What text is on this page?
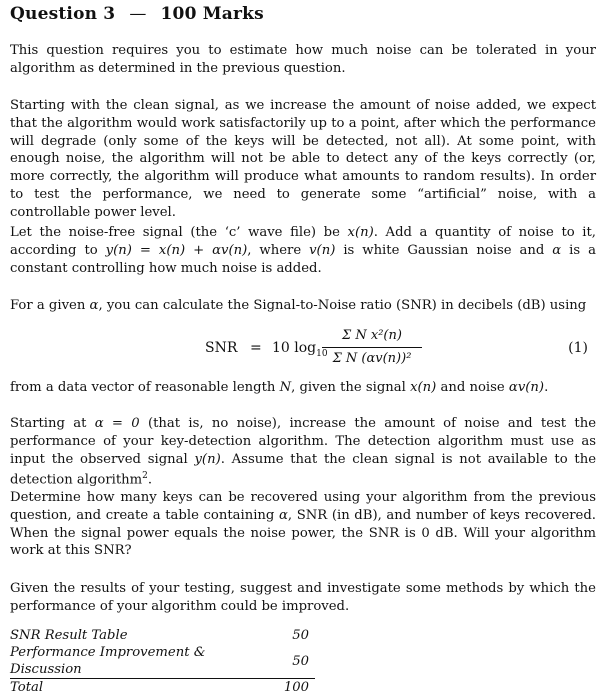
Question 3 — 100 Marks

This question requires you to estimate how much noise can be tolerated in your algorithm as determined in the previous question.

Starting with the clean signal, as we increase the amount of noise added, we expect that the algorithm would work satisfactorily up to a point, after which the performance will degrade (only some of the keys will be detected, not all). At some point, with enough noise, the algorithm will not be able to detect any of the keys correctly (or, more correctly, the algorithm will produce what amounts to random results). In order to test the performance, we need to generate some “artificial” noise, with a controllable power level.

Let the noise-free signal (the ‘c’ wave file) be x(n). Add a quantity of noise to it, according to y(n) = x(n) + αv(n), where v(n) is white Gaussian noise and α is a constant controlling how much noise is added.

For a given α, you can calculate the Signal-to-Noise ratio (SNR) in decibels (dB) using

SNR = 10 $\log_{10}$
Σ N x²(n)
Σ N (αv(n))²
(1)

from a data vector of reasonable length N, given the signal x(n) and noise αv(n).

Starting at α = 0 (that is, no noise), increase the amount of noise and test the performance of your key-detection algorithm. The detection algorithm must use as input the observed signal y(n). Assume that the clean signal is not available to the detection algorithm$^2$.

Determine how many keys can be recovered using your algorithm from the previous question, and create a table containing α, SNR (in dB), and number of keys recovered. When the signal power equals the noise power, the SNR is 0 dB. Will your algorithm work at this SNR?

Given the results of your testing, suggest and investigate some methods by which the performance of your algorithm could be improved.

SNR Result Table	50
Performance Improvement & Discussion	50
Total	100
